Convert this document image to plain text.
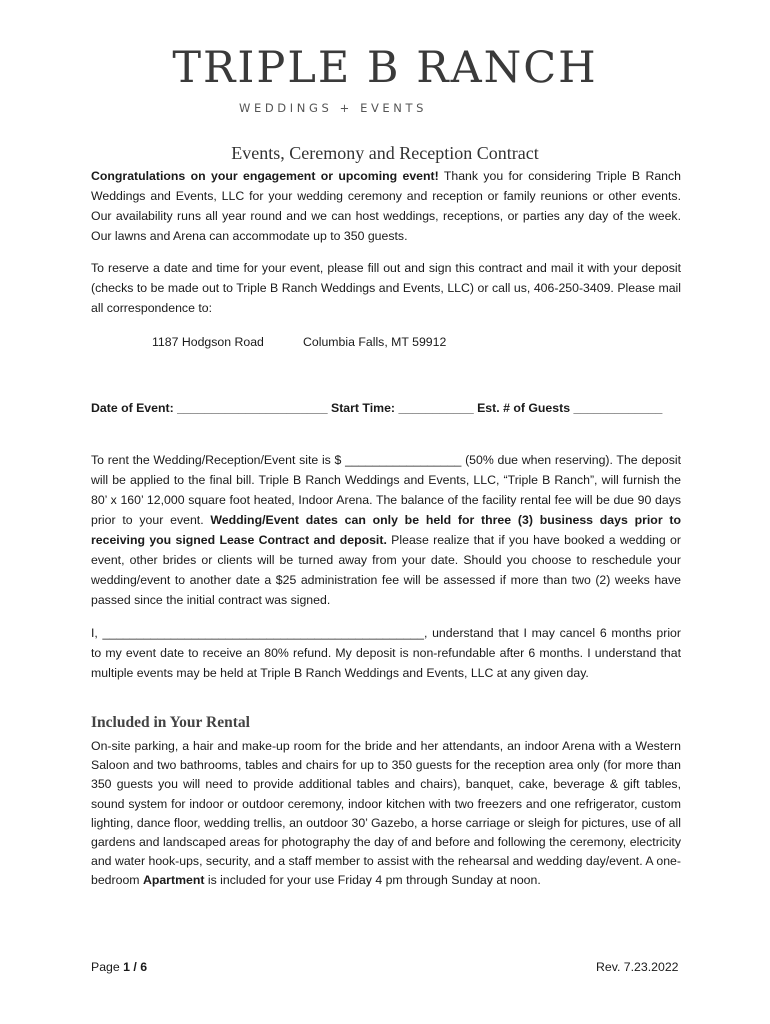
TRIPLE B RANCH
WEDDINGS + EVENTS
Events, Ceremony and Reception Contract

Congratulations on your engagement or upcoming event! Thank you for considering Triple B Ranch Weddings and Events, LLC for your wedding ceremony and reception or family reunions or other events. Our availability runs all year round and we can host weddings, receptions, or parties any day of the week. Our lawns and Arena can accommodate up to 350 guests.

To reserve a date and time for your event, please fill out and sign this contract and mail it with your deposit (checks to be made out to Triple B Ranch Weddings and Events, LLC) or call us, 406-250-3409. Please mail all correspondence to:

1187 Hodgson Road	Columbia Falls, MT 59912
Date of Event: ______________________ Start Time: ___________ Est. # of Guests _____________

To rent the Wedding/Reception/Event site is $ _________________ (50% due when reserving). The deposit will be applied to the final bill. Triple B Ranch Weddings and Events, LLC, “Triple B Ranch”, will furnish the 80’ x 160’ 12,000 square foot heated, Indoor Arena. The balance of the facility rental fee will be due 90 days prior to your event. Wedding/Event dates can only be held for three (3) business days prior to receiving you signed Lease Contract and deposit. Please realize that if you have booked a wedding or event, other brides or clients will be turned away from your date. Should you choose to reschedule your wedding/event to another date a $25 administration fee will be assessed if more than two (2) weeks have passed since the initial contract was signed.

I, _______________________________________________, understand that I may cancel 6 months prior to my event date to receive an 80% refund. My deposit is non-refundable after 6 months. I understand that multiple events may be held at Triple B Ranch Weddings and Events, LLC at any given day.

Included in Your Rental

On-site parking, a hair and make-up room for the bride and her attendants, an indoor Arena with a Western Saloon and two bathrooms, tables and chairs for up to 350 guests for the reception area only (for more than 350 guests you will need to provide additional tables and chairs), banquet, cake, beverage & gift tables, sound system for indoor or outdoor ceremony, indoor kitchen with two freezers and one refrigerator, custom lighting, dance floor, wedding trellis, an outdoor 30’ Gazebo, a horse carriage or sleigh for pictures, use of all gardens and landscaped areas for photography the day of and before and following the ceremony, electricity and water hook-ups, security, and a staff member to assist with the rehearsal and wedding day/event. A one-bedroom Apartment is included for your use Friday 4 pm through Sunday at noon.

Page 1 / 6	Rev. 7.23.2022
